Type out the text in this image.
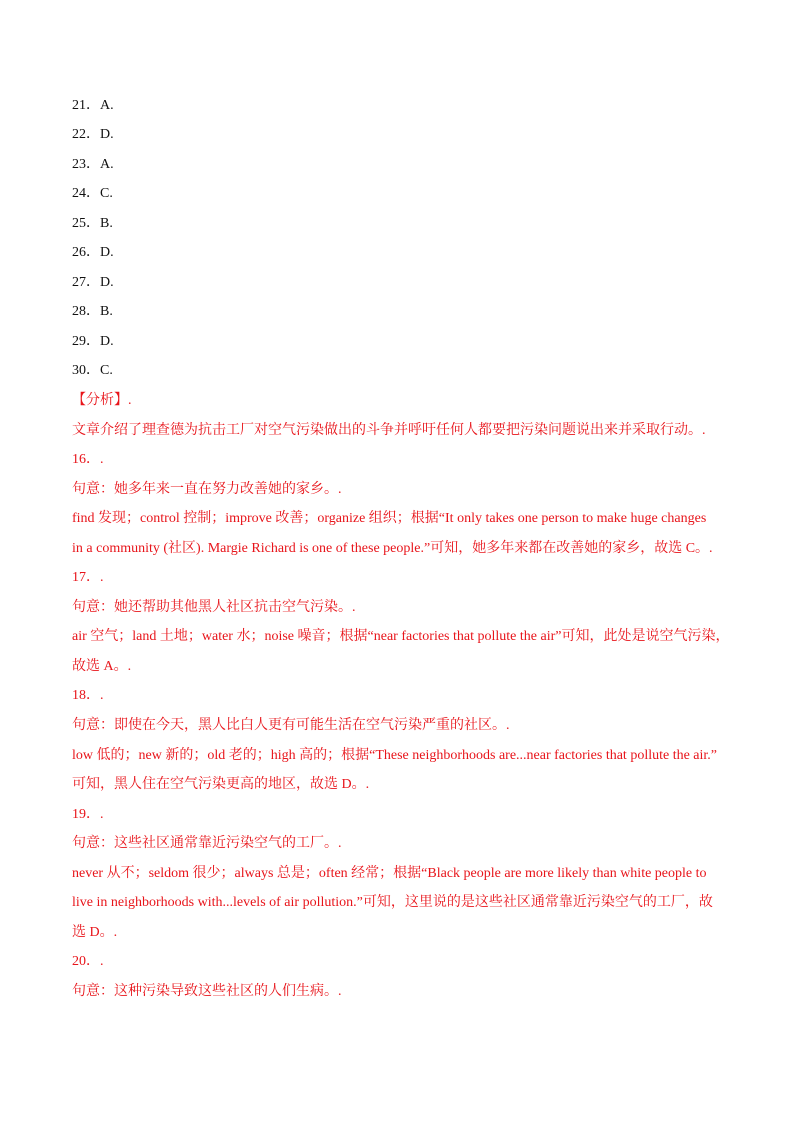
21．A.
22．D.
23．A.
24．C.
25．B.
26．D.
27．D.
28．B.
29．D.
30．C.
【分析】.
文章介绍了理查德为抗击工厂对空气污染做出的斗争并呼吁任何人都要把污染问题说出来并采取行动。.
16．.
句意：她多年来一直在努力改善她的家乡。.
find 发现；control 控制；improve 改善；organize 组织；根据“It only takes one person to make huge changes
in a community (社区). Margie Richard is one of these people.”可知，她多年来都在改善她的家乡，故选 C。.
17．.
句意：她还帮助其他黑人社区抗击空气污染。.
air 空气；land 土地；water 水；noise 噪音；根据“near factories that pollute the air”可知，此处是说空气污染，
故选 A。.
18．.
句意：即使在今天，黑人比白人更有可能生活在空气污染严重的社区。.
low 低的；new 新的；old 老的；high 高的；根据“These neighborhoods are...near factories that pollute the air.”
可知，黑人住在空气污染更高的地区，故选 D。.
19．.
句意：这些社区通常靠近污染空气的工厂。.
never 从不；seldom 很少；always 总是；often 经常；根据“Black people are more likely than white people to
live in neighborhoods with...levels of air pollution.”可知，这里说的是这些社区通常靠近污染空气的工厂，故
选 D。.
20．.
句意：这种污染导致这些社区的人们生病。.
